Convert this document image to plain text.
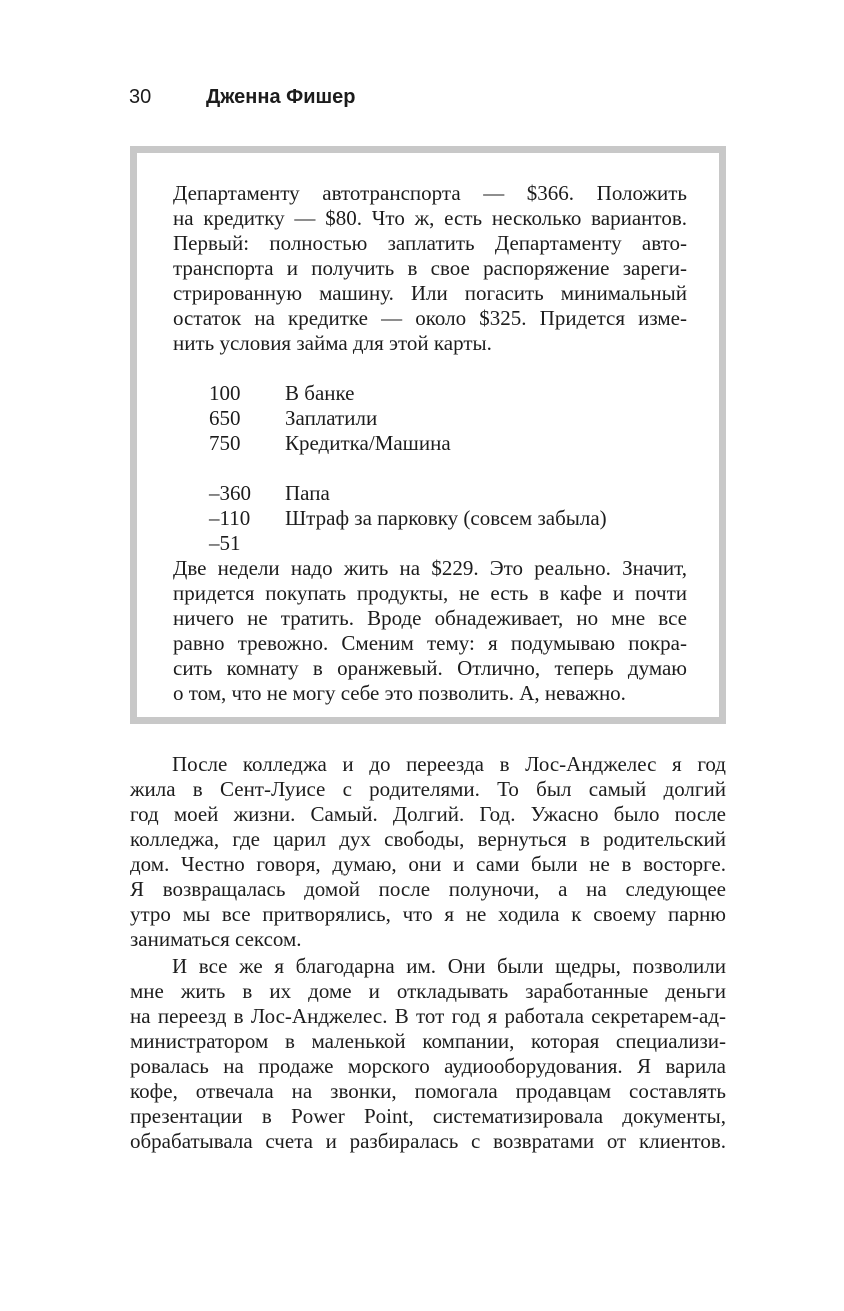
30	Дженна Фишер
Департаменту автотранспорта — $366. Положить
на кредитку — $80. Что ж, есть несколько вариантов.
Первый: полностью заплатить Департаменту авто-
транспорта и получить в свое распоряжение зареги-
стрированную машину. Или погасить минимальный
остаток на кредитке — около $325. Придется изме-
нить условия займа для этой карты.
100	В банке
650	Заплатили
750	Кредитка/Машина
–360	Папа
–110	Штраф за парковку (совсем забыла)
–51
Две недели надо жить на $229. Это реально. Значит,
придется покупать продукты, не есть в кафе и почти
ничего не тратить. Вроде обнадеживает, но мне все
равно тревожно. Сменим тему: я подумываю покра-
сить комнату в оранжевый. Отлично, теперь думаю
о том, что не могу себе это позволить. А, неважно.
После колледжа и до переезда в Лос-Анджелес я год
жила в Сент-Луисе с родителями. То был самый долгий
год моей жизни. Самый. Долгий. Год. Ужасно было после
колледжа, где царил дух свободы, вернуться в родительский
дом. Честно говоря, думаю, они и сами были не в восторге.
Я возвращалась домой после полуночи, а на следующее
утро мы все притворялись, что я не ходила к своему парню
заниматься сексом.
И все же я благодарна им. Они были щедры, позволили
мне жить в их доме и откладывать заработанные деньги
на переезд в Лос-Анджелес. В тот год я работала секретарем-ад-
министратором в маленькой компании, которая специализи-
ровалась на продаже морского аудиооборудования. Я варила
кофе, отвечала на звонки, помогала продавцам составлять
презентации в Power Point, систематизировала документы,
обрабатывала счета и разбиралась с возвратами от клиентов.
